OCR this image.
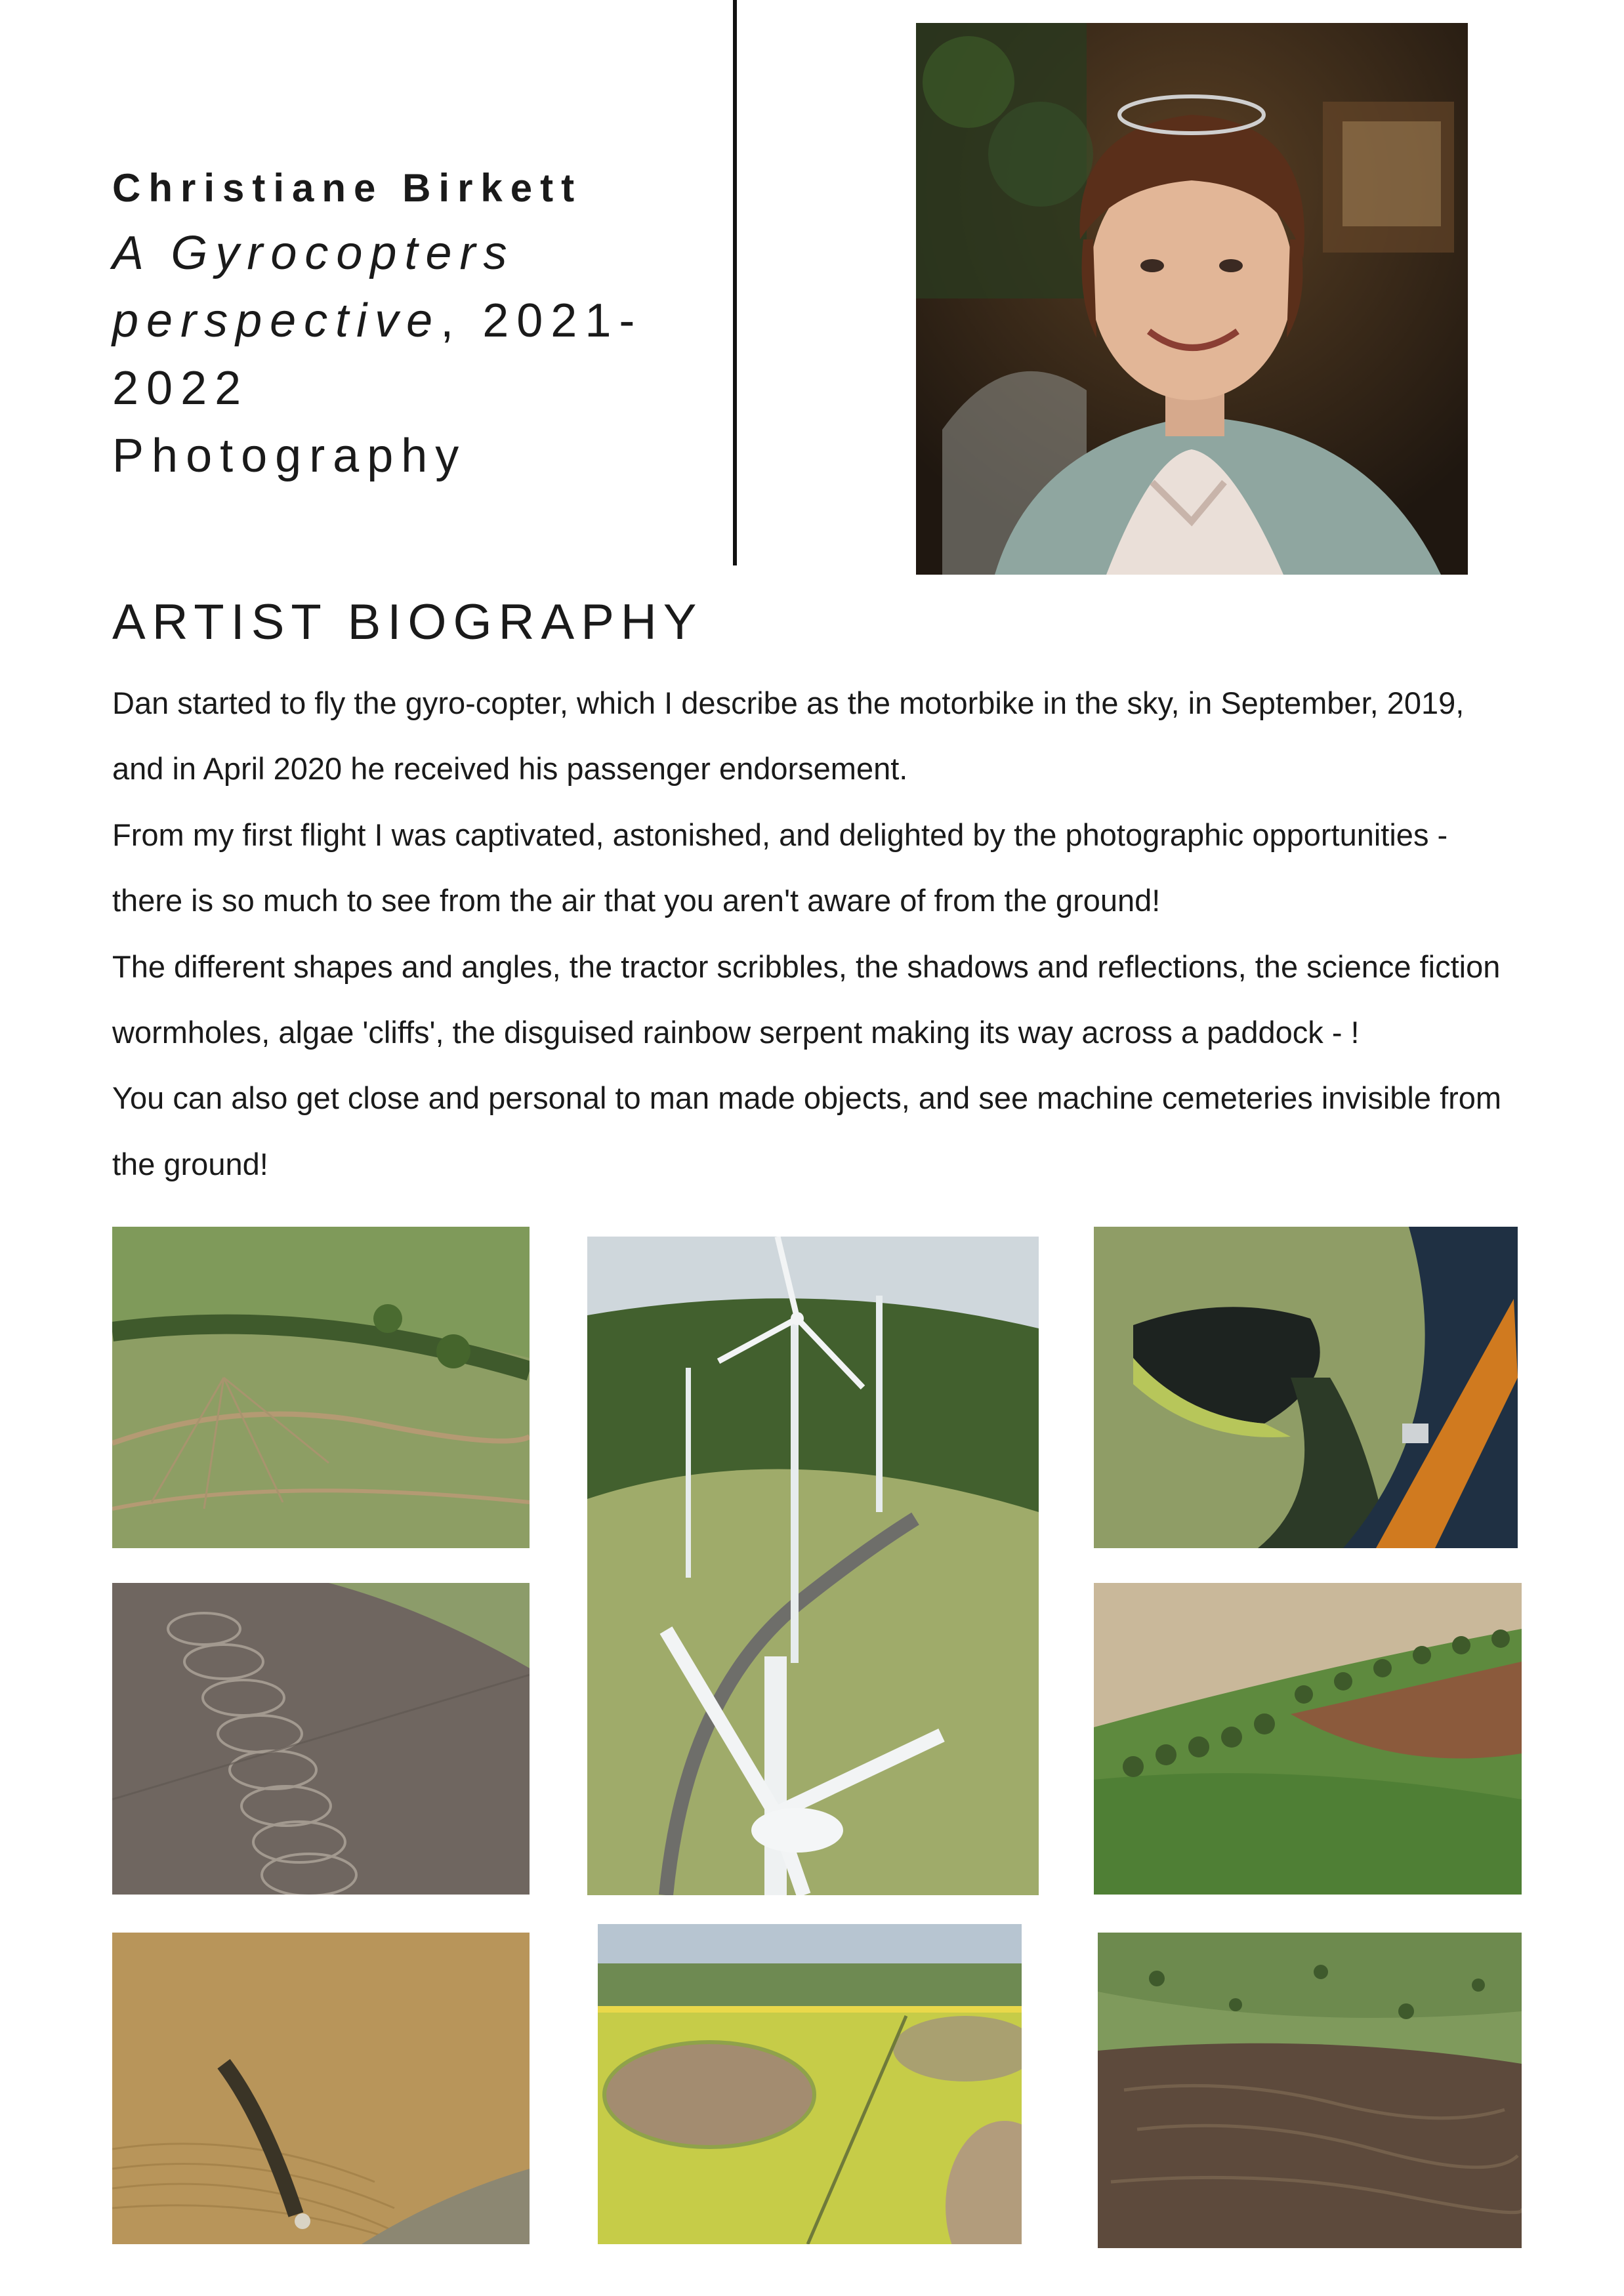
Christiane Birkett
A Gyrocopters
perspective, 2021-
2022
Photography
ARTIST BIOGRAPHY

Dan started to fly the gyro-copter, which I describe as the motorbike in the sky, in September, 2019, and in April 2020 he received his passenger endorsement.

From my first flight I was captivated, astonished, and delighted by the photographic opportunities - there is so much to see from the air that you aren't aware of from the ground!

The different shapes and angles, the tractor scribbles, the shadows and reflections, the science fiction wormholes, algae 'cliffs', the disguised rainbow serpent making its way across a paddock - !

You can also get close and personal to man made objects, and see machine cemeteries invisible from the ground!
